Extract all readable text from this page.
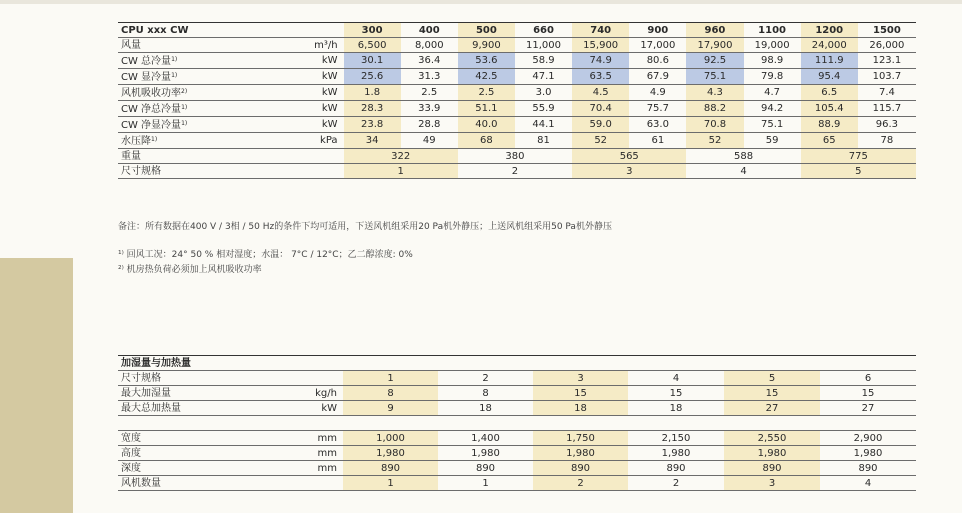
CPU xxx CW		300	400	500	660	740	900	960	1100	1200	1500
风量	m³/h	6,500	8,000	9,900	11,000	15,900	17,000	17,900	19,000	24,000	26,000
CW 总冷量$^{1)}$	kW	30.1	36.4	53.6	58.9	74.9	80.6	92.5	98.9	111.9	123.1
CW 显冷量$^{1)}$	kW	25.6	31.3	42.5	47.1	63.5	67.9	75.1	79.8	95.4	103.7
风机吸收功率$^{2)}$	kW	1.8	2.5	2.5	3.0	4.5	4.9	4.3	4.7	6.5	7.4
CW 净总冷量$^{1)}$	kW	28.3	33.9	51.1	55.9	70.4	75.7	88.2	94.2	105.4	115.7
CW 净显冷量$^{1)}$	kW	23.8	28.8	40.0	44.1	59.0	63.0	70.8	75.1	88.9	96.3
水压降$^{1)}$	kPa	34	49	68	81	52	61	52	59	65	78
重量		322		380		565		588		775	
尺寸规格		1		2		3		4		5	
备注：所有数据在400 V / 3相 / 50 Hz的条件下均可适用，下送风机组采用20 Pa机外静压；上送风机组采用50 Pa机外静压
¹⁾ 回风工况：24° 50 % 相对湿度；水温： 7°C / 12°C；乙二醇浓度: 0%
²⁾ 机房热负荷必须加上风机吸收功率
加湿量与加热量							
尺寸规格		1	2	3	4	5	6
最大加湿量	kg/h	8	8	15	15	15	15
最大总加热量	kW	9	18	18	18	27	27

宽度	mm	1,000	1,400	1,750	2,150	2,550	2,900
高度	mm	1,980	1,980	1,980	1,980	1,980	1,980
深度	mm	890	890	890	890	890	890
风机数量		1	1	2	2	3	4
